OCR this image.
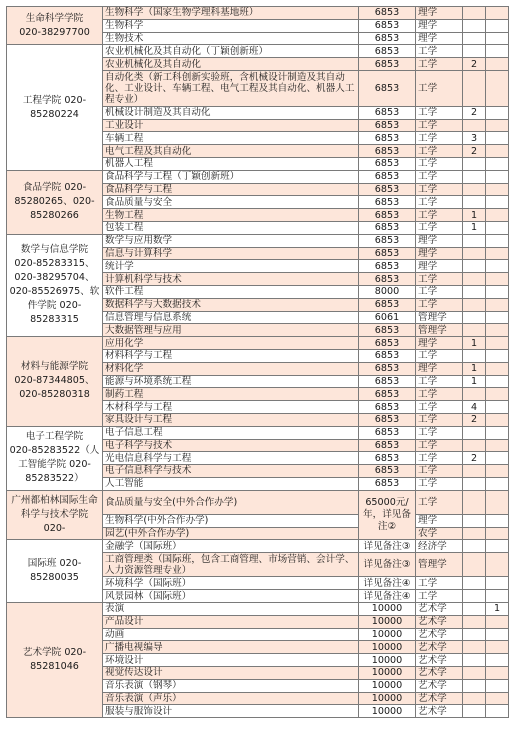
生命科学学院
020-38297700	生物科学（国家生物学理科基地班）	6853	理学		
	生物科学	6853	理学		
	生物技术	6853	理学		
工程学院 020-85280224	农业机械化及其自动化（丁颖创新班）	6853	工学		
	农业机械化及其自动化	6853	工学	2	
	自动化类（新工科创新实验班，含机械设计制造及其自动化、工业设计、车辆工程、电气工程及其自动化、机器人工程专业）	6853	工学		
	机械设计制造及其自动化	6853	工学	2	
	工业设计	6853	工学		
	车辆工程	6853	工学	3	
	电气工程及其自动化	6853	工学	2	
	机器人工程	6853	工学		
食品学院 020-85280265、020-85280266	食品科学与工程（丁颖创新班）	6853	工学		
	食品科学与工程	6853	工学		
	食品质量与安全	6853	工学		
	生物工程	6853	工学	1	
	包装工程	6853	工学	1	
数学与信息学院
020-85283315、020-38295704、020-85526975、软件学院 020-85283315	数学与应用数学	6853	理学		
	信息与计算科学	6853	理学		
	统计学	6853	理学		
	计算机科学与技术	6853	工学		
	软件工程	8000	工学		
	数据科学与大数据技术	6853	工学		
	信息管理与信息系统	6061	管理学		
	大数据管理与应用	6853	管理学		
材料与能源学院
020-87344805、020-85280318	应用化学	6853	理学	1	
	材料科学与工程	6853	工学		
	材料化学	6853	理学	1	
	能源与环境系统工程	6853	工学	1	
	制药工程	6853	工学		
	木材科学与工程	6853	工学	4	
	家具设计与工程	6853	工学	2	
电子工程学院
020-85283522（人工智能学院 020-85283522）	电子信息工程	6853	工学		
	电子科学与技术	6853	工学		
	光电信息科学与工程	6853	工学	2	
	电子信息科学与技术	6853	工学		
	人工智能	6853	工学		
广州都柏林国际生命科学与技术学院 020-	食品质量与安全(中外合作办学)	65000元/年，详见备注②	工学		
	生物科学(中外合作办学)		理学		
	园艺(中外合作办学)		农学		
国际班 020-85280035	金融学（国际班）	详见备注③	经济学		
	工商管理类（国际班，包含工商管理、市场营销、会计学、人力资源管理专业）	详见备注③	管理学		
	环境科学（国际班）	详见备注④	工学		
	风景园林（国际班）	详见备注④	工学		
艺术学院 020-85281046	表演	10000	艺术学		1
	产品设计	10000	艺术学		
	动画	10000	艺术学		
	广播电视编导	10000	艺术学		
	环境设计	10000	艺术学		
	视觉传达设计	10000	艺术学		
	音乐表演（钢琴）	10000	艺术学		
	音乐表演（声乐）	10000	艺术学		
	服装与服饰设计	10000	艺术学		
